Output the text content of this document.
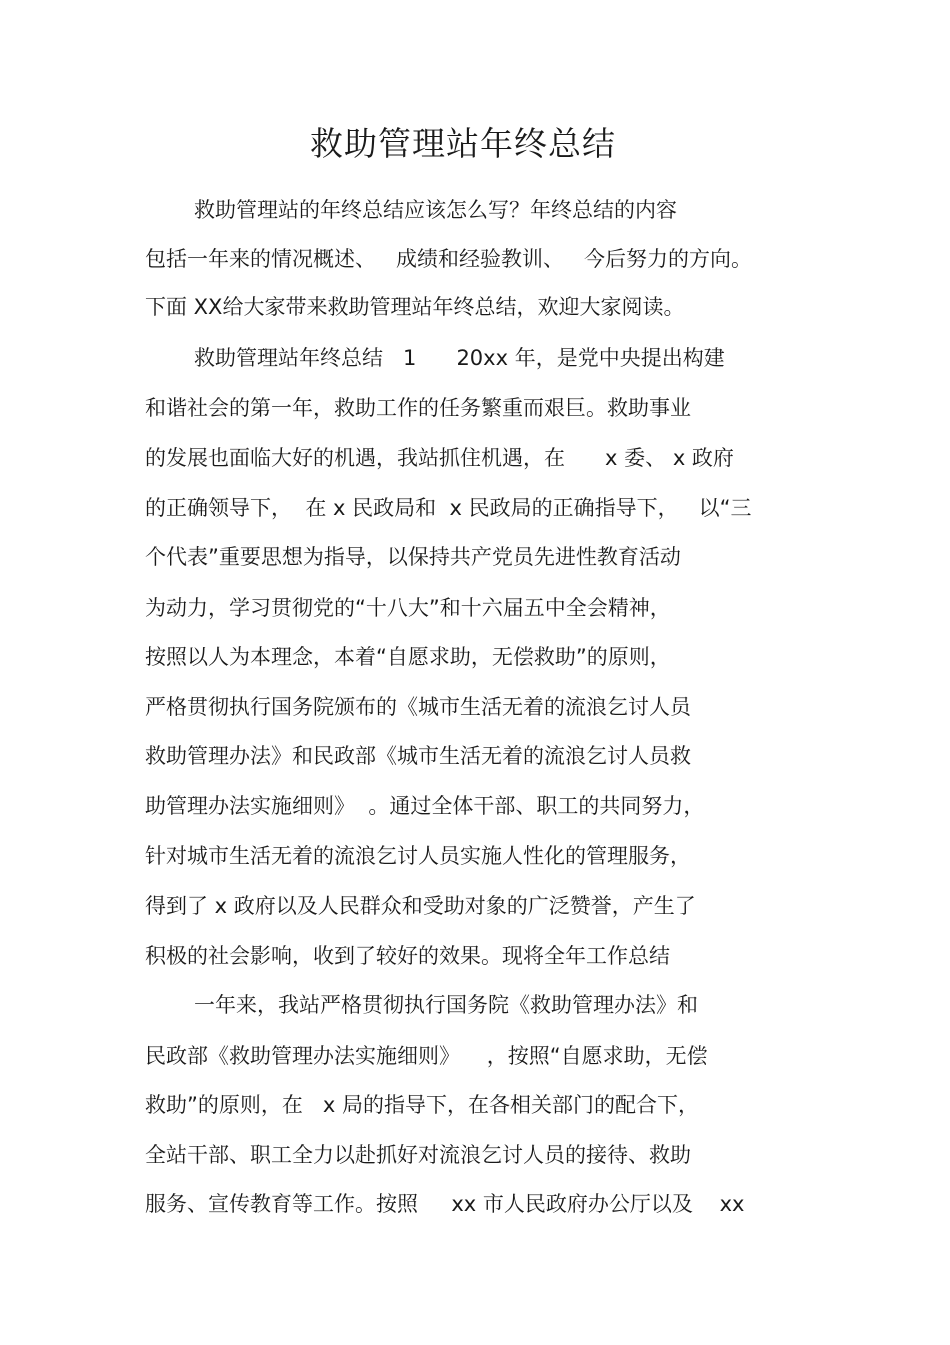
救助管理站年终总结
救助管理站的年终总结应该怎么写？年终总结的内容
包括一年来的情况概述、   成绩和经验教训、   今后努力的方向。
下面 XX给大家带来救助管理站年终总结，欢迎大家阅读。
救助管理站年终总结   1      20xx 年，是党中央提出构建
和谐社会的第一年，救助工作的任务繁重而艰巨。救助事业
的发展也面临大好的机遇，我站抓住机遇，在      x 委、 x 政府
的正确领导下，  在 x 民政局和  x 民政局的正确指导下，   以“三
个代表”重要思想为指导，以保持共产党员先进性教育活动
为动力，学习贯彻党的“十八大”和十六届五中全会精神，
按照以人为本理念，本着“自愿求助，无偿救助”的原则，
严格贯彻执行国务院颁布的《城市生活无着的流浪乞讨人员
救助管理办法》和民政部《城市生活无着的流浪乞讨人员救
助管理办法实施细则》  。通过全体干部、职工的共同努力，
针对城市生活无着的流浪乞讨人员实施人性化的管理服务，
得到了 x 政府以及人民群众和受助对象的广泛赞誉，产生了
积极的社会影响，收到了较好的效果。现将全年工作总结
一年来，我站严格贯彻执行国务院《救助管理办法》和
民政部《救助管理办法实施细则》    ，按照“自愿求助，无偿
救助”的原则，在   x 局的指导下，在各相关部门的配合下，
全站干部、职工全力以赴抓好对流浪乞讨人员的接待、救助
服务、宣传教育等工作。按照     xx 市人民政府办公厅以及    xx
